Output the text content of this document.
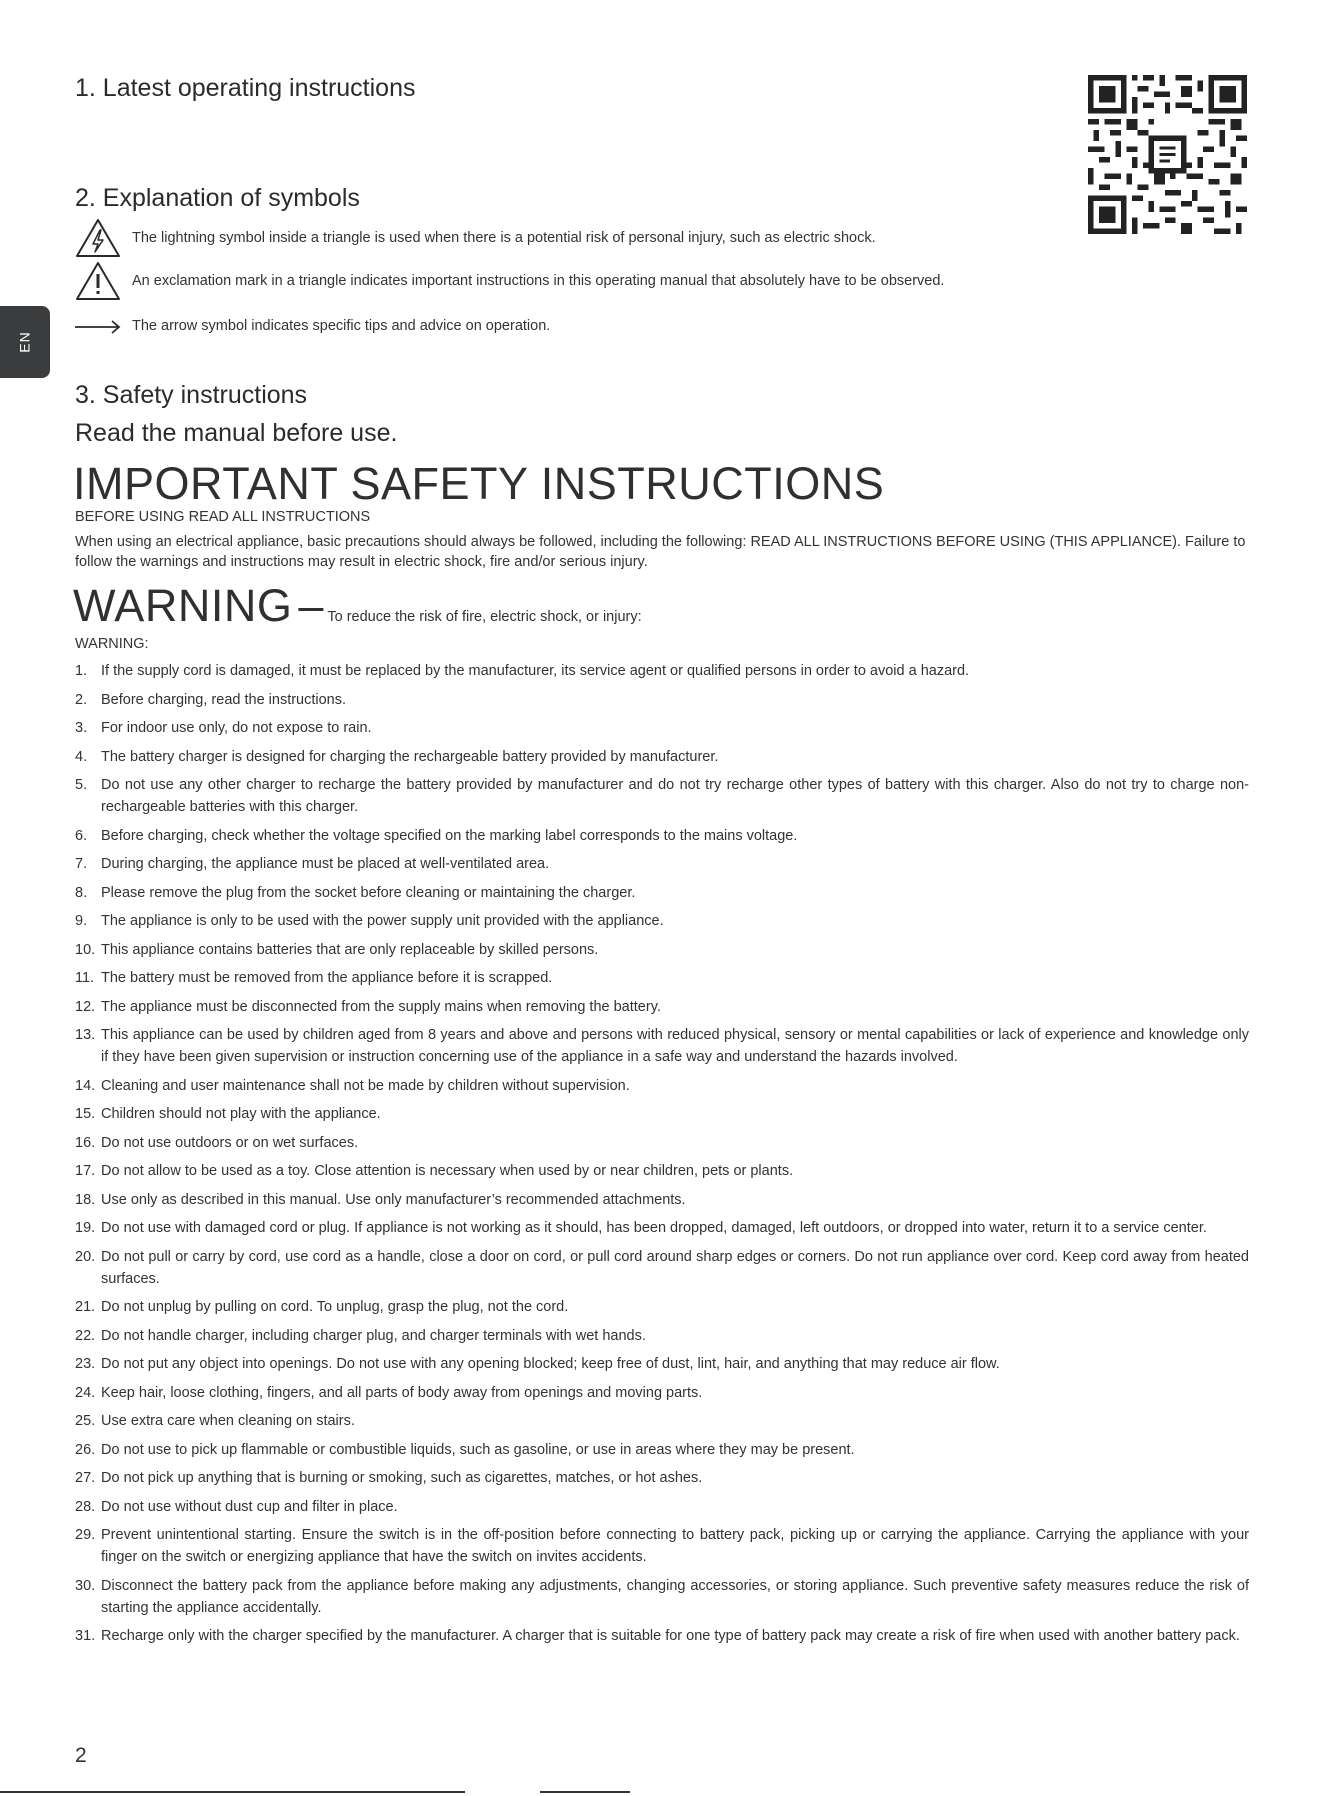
1. Latest operating instructions
2. Explanation of symbols
The lightning symbol inside a triangle is used when there is a potential risk of personal injury, such as electric shock.
An exclamation mark in a triangle indicates important instructions in this operating manual that absolutely have to be observed.
The arrow symbol indicates specific tips and advice on operation.
EN
3. Safety instructions
Read the manual before use.
IMPORTANT SAFETY INSTRUCTIONS
BEFORE USING READ ALL INSTRUCTIONS
When using an electrical appliance, basic precautions should always be followed, including the following: READ ALL INSTRUCTIONS BEFORE USING (THIS APPLIANCE). Failure to follow the warnings and instructions may result in electric shock, fire and/or serious injury.
WARNING – To reduce the risk of fire, electric shock, or injury:
WARNING:
1. If the supply cord is damaged, it must be replaced by the manufacturer, its service agent or qualified persons in order to avoid a hazard.
2. Before charging, read the instructions.
3. For indoor use only, do not expose to rain.
4. The battery charger is designed for charging the rechargeable battery provided by manufacturer.
5. Do not use any other charger to recharge the battery provided by manufacturer and do not try recharge other types of battery with this charger. Also do not try to charge non-rechargeable batteries with this charger.
6. Before charging, check whether the voltage specified on the marking label corresponds to the mains voltage.
7. During charging, the appliance must be placed at well-ventilated area.
8. Please remove the plug from the socket before cleaning or maintaining the charger.
9. The appliance is only to be used with the power supply unit provided with the appliance.
10. This appliance contains batteries that are only replaceable by skilled persons.
11. The battery must be removed from the appliance before it is scrapped.
12. The appliance must be disconnected from the supply mains when removing the battery.
13. This appliance can be used by children aged from 8 years and above and persons with reduced physical, sensory or mental capabilities or lack of experience and knowledge only if they have been given supervision or instruction concerning use of the appliance in a safe way and understand the hazards involved.
14. Cleaning and user maintenance shall not be made by children without supervision.
15. Children should not play with the appliance.
16. Do not use outdoors or on wet surfaces.
17. Do not allow to be used as a toy. Close attention is necessary when used by or near children, pets or plants.
18. Use only as described in this manual. Use only manufacturer’s recommended attachments.
19. Do not use with damaged cord or plug. If appliance is not working as it should, has been dropped, damaged, left outdoors, or dropped into water, return it to a service center.
20. Do not pull or carry by cord, use cord as a handle, close a door on cord, or pull cord around sharp edges or corners. Do not run appliance over cord. Keep cord away from heated surfaces.
21. Do not unplug by pulling on cord. To unplug, grasp the plug, not the cord.
22. Do not handle charger, including charger plug, and charger terminals with wet hands.
23. Do not put any object into openings. Do not use with any opening blocked; keep free of dust, lint, hair, and anything that may reduce air flow.
24. Keep hair, loose clothing, fingers, and all parts of body away from openings and moving parts.
25. Use extra care when cleaning on stairs.
26. Do not use to pick up flammable or combustible liquids, such as gasoline, or use in areas where they may be present.
27. Do not pick up anything that is burning or smoking, such as cigarettes, matches, or hot ashes.
28. Do not use without dust cup and filter in place.
29. Prevent unintentional starting. Ensure the switch is in the off-position before connecting to battery pack, picking up or carrying the appliance. Carrying the appliance with your finger on the switch or energizing appliance that have the switch on invites accidents.
30. Disconnect the battery pack from the appliance before making any adjustments, changing accessories, or storing appliance. Such preventive safety measures reduce the risk of starting the appliance accidentally.
31. Recharge only with the charger specified by the manufacturer. A charger that is suitable for one type of battery pack may create a risk of fire when used with another battery pack.
2
